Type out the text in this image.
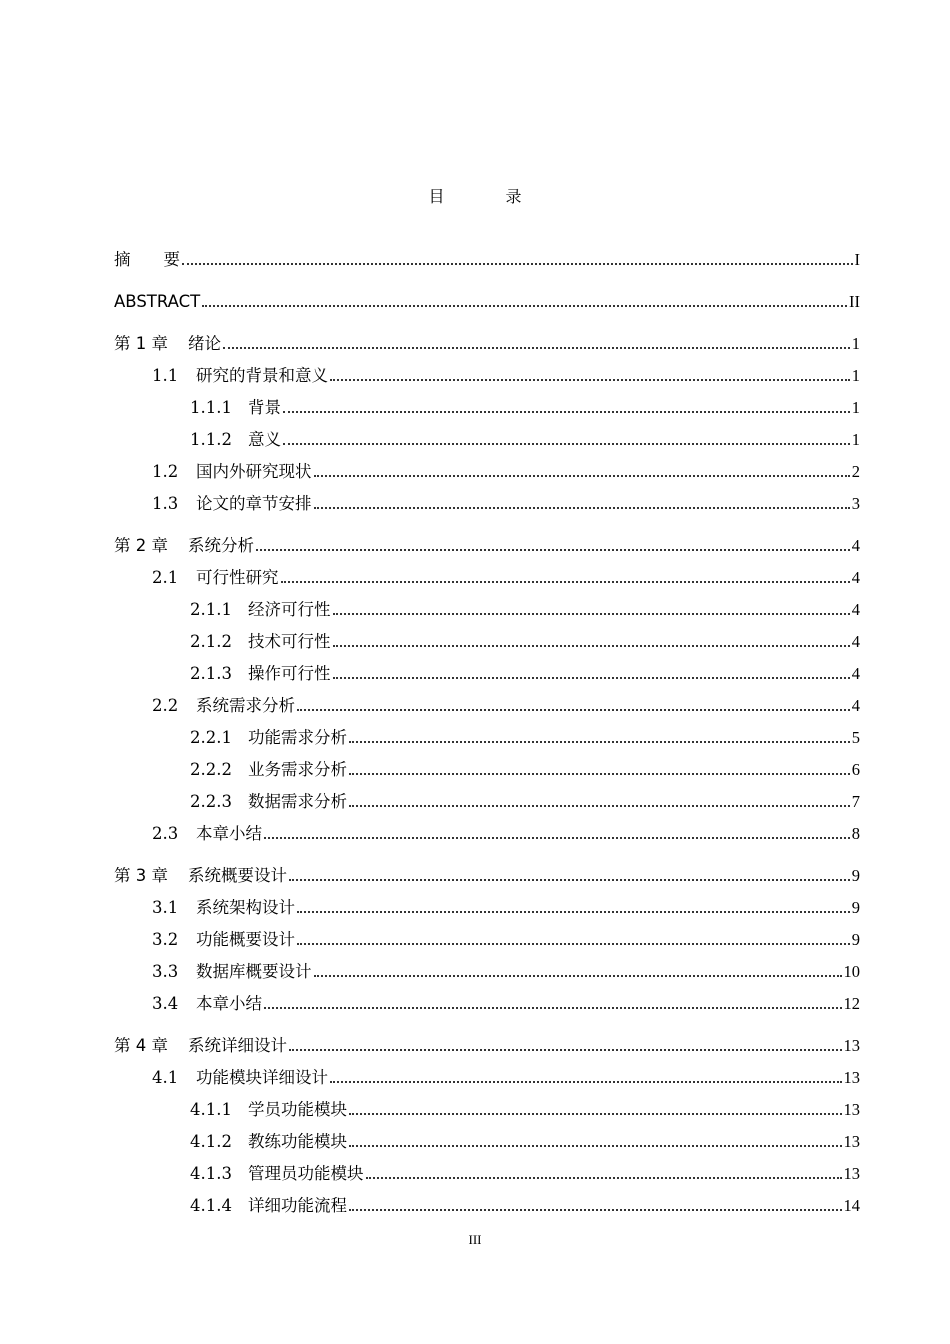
目 录
摘　　要	I
ABSTRACT	II
第 1 章 绪论	1
1.1	研究的背景和意义	1
1.1.1 背景	1
1.1.2 意义	1
1.2	国内外研究现状	2
1.3	论文的章节安排	3
第 2 章 系统分析	4
2.1	可行性研究	4
2.1.1 经济可行性	4
2.1.2 技术可行性	4
2.1.3 操作可行性	4
2.2	系统需求分析	4
2.2.1 功能需求分析	5
2.2.2 业务需求分析	6
2.2.3 数据需求分析	7
2.3	本章小结	8
第 3 章 系统概要设计	9
3.1	系统架构设计	9
3.2	功能概要设计	9
3.3	数据库概要设计	10
3.4	本章小结	12
第 4 章 系统详细设计	13
4.1	功能模块详细设计	13
4.1.1 学员功能模块	13
4.1.2 教练功能模块	13
4.1.3 管理员功能模块	13
4.1.4 详细功能流程	14
III
